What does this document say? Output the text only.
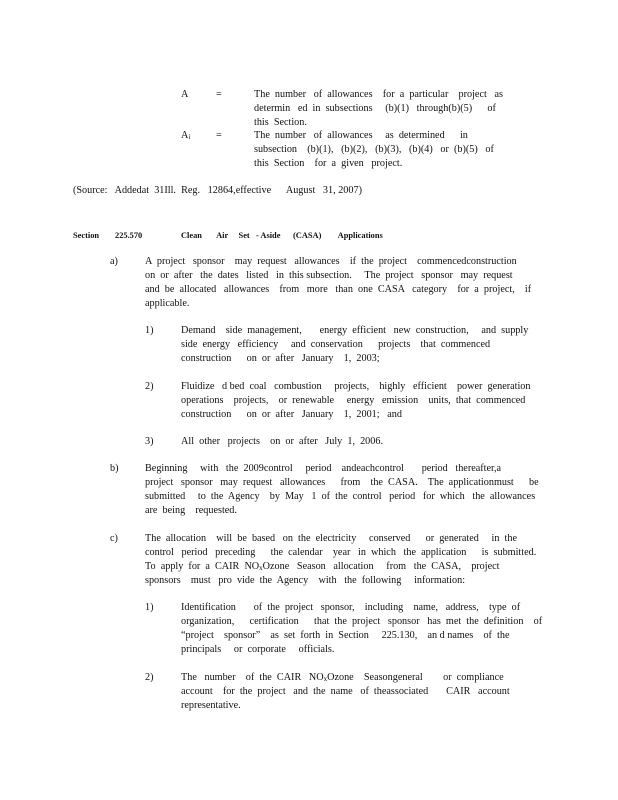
A	=	The  number   of  allowances    for  a  particular    project   as
determin   ed  in  subsections     (b)(1)   through(b)(5)      of
this  Section.
$A_i$	=	The  number   of  allowances     as  determined      in
subsection    (b)(1),   (b)(2),   (b)(3),   (b)(4)   or  (b)(5)   of
this  Section    for  a  given   project.
(Source:   Addedat  31Ill.  Reg.   12864,effective      August   31, 2007)
Section 225.570	Clean       Air     Set   - Aside      (CASA)        Applications
a)	A  project   sponsor    may  request   allowances    if  the  project    commencedconstruction
on  or  after   the  dates   listed   in  this subsection.     The  project   sponsor   may  request
and  be  allocated   allowances    from   more   than  one  CASA   category    for  a  project,    if
applicable.
1)	Demand    side  management,       energy  efficient   new  construction,     and  supply
side  energy   efficiency     and  conservation      projects    that  commenced
construction      on  or  after   January    1,  2003;
2)	Fluidize   d bed  coal   combustion     projects,    highly   efficient    power  generation
operations    projects,    or  renewable     energy   emission    units,  that  commenced
construction      on  or  after   January    1,  2001;   and
3)	All  other   projects    on  or  after   July  1,  2006.
b)	Beginning     with   the  2009control     period    andeachcontrol       period   thereafter,a
project   sponsor   may  request   allowances      from    the  CASA.    The  applicationmust      be
submitted     to  the  Agency    by  May   1  of  the  control   period   for  which   the  allowances
are  being    requested.
c)	The  allocation    will  be  based   on  the  electricity     conserved      or  generated     in  the
control   period   preceding      the  calendar    year   in  which   the  application      is  submitted.
To  apply  for  a  CAIR  $NO_xOzone$   Season   allocation     from   the  CASA,    project
sponsors    must   pro  vide  the  Agency    with   the  following     information:
1)	Identification       of  the  project   sponsor,    including    name,   address,    type  of
organization,      certification      that  the  project   sponsor   has  met  the  definition    of
“project    sponsor”    as  set  forth  in  Section     225.130,    an d names    of  the
principals     or  corporate     officials.
2)	The   number    of  the  CAIR   $NO_xOzone$    Seasongeneral        or  compliance
account    for  the  project   and  the  name   of  theassociated       CAIR   account
representative.
